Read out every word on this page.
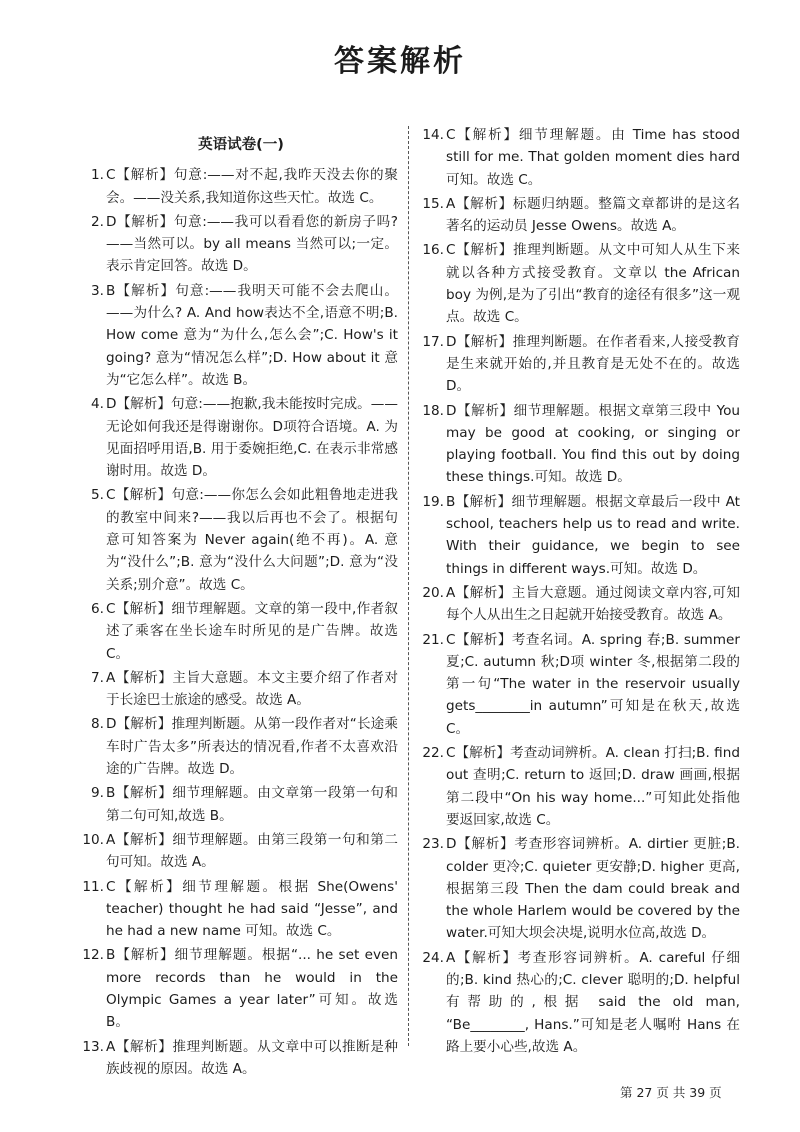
答案解析
英语试卷(一)
1. C【解析】句意:——对不起,我昨天没去你的聚会。——没关系,我知道你这些天忙。故选 C。
2. D【解析】句意:——我可以看看您的新房子吗?——当然可以。by all means 当然可以;一定。表示肯定回答。故选 D。
3. B【解析】句意:——我明天可能不会去爬山。——为什么? A. And how表达不全,语意不明;B. How come 意为“为什么,怎么会”;C. How's it going? 意为“情况怎么样”;D. How about it 意为“它怎么样”。故选 B。
4. D【解析】句意:——抱歉,我未能按时完成。——无论如何我还是得谢谢你。D项符合语境。A. 为见面招呼用语,B. 用于委婉拒绝,C. 在表示非常感谢时用。故选 D。
5. C【解析】句意:——你怎么会如此粗鲁地走进我的教室中间来?——我以后再也不会了。根据句意可知答案为 Never again(绝不再)。A. 意为“没什么”;B. 意为“没什么大问题”;D. 意为“没关系;别介意”。故选 C。
6. C【解析】细节理解题。文章的第一段中,作者叙述了乘客在坐长途车时所见的是广告牌。故选 C。
7. A【解析】主旨大意题。本文主要介绍了作者对于长途巴士旅途的感受。故选 A。
8. D【解析】推理判断题。从第一段作者对“长途乘车时广告太多”所表达的情况看,作者不太喜欢沿途的广告牌。故选 D。
9. B【解析】细节理解题。由文章第一段第一句和第二句可知,故选 B。
10. A【解析】细节理解题。由第三段第一句和第二句可知。故选 A。
11. C【解析】细节理解题。根据 She(Owens' teacher) thought he had said “Jesse”, and he had a new name 可知。故选 C。
12. B【解析】细节理解题。根据“... he set even more records than he would in the Olympic Games a year later”可知。故选 B。
13. A【解析】推理判断题。从文章中可以推断是种族歧视的原因。故选 A。
14. C【解析】细节理解题。由 Time has stood still for me. That golden moment dies hard 可知。故选 C。
15. A【解析】标题归纳题。整篇文章都讲的是这名著名的运动员 Jesse Owens。故选 A。
16. C【解析】推理判断题。从文中可知人从生下来就以各种方式接受教育。文章以 the African boy 为例,是为了引出“教育的途径有很多”这一观点。故选 C。
17. D【解析】推理判断题。在作者看来,人接受教育是生来就开始的,并且教育是无处不在的。故选 D。
18. D【解析】细节理解题。根据文章第三段中 You may be good at cooking, or singing or playing football. You find this out by doing these things.可知。故选 D。
19. B【解析】细节理解题。根据文章最后一段中 At school, teachers help us to read and write. With their guidance, we begin to see things in different ways.可知。故选 D。
20. A【解析】主旨大意题。通过阅读文章内容,可知每个人从出生之日起就开始接受教育。故选 A。
21. C【解析】考查名词。A. spring 春;B. summer 夏;C. autumn 秋;D项 winter 冬,根据第二段的第一句“The water in the reservoir usually gets________in autumn”可知是在秋天,故选 C。
22. C【解析】考查动词辨析。A. clean 打扫;B. find out 查明;C. return to 返回;D. draw 画画,根据第二段中“On his way home...”可知此处指他要返回家,故选 C。
23. D【解析】考查形容词辨析。A. dirtier 更脏;B. colder 更冷;C. quieter 更安静;D. higher 更高,根据第三段 Then the dam could break and the whole Harlem would be covered by the water.可知大坝会决堤,说明水位高,故选 D。
24. A【解析】考查形容词辨析。A. careful 仔细的;B. kind 热心的;C. clever 聪明的;D. helpful 有帮助的,根据 said the old man, “Be________, Hans.”可知是老人嘱咐 Hans 在路上要小心些,故选 A。
第 27 页 共 39 页
